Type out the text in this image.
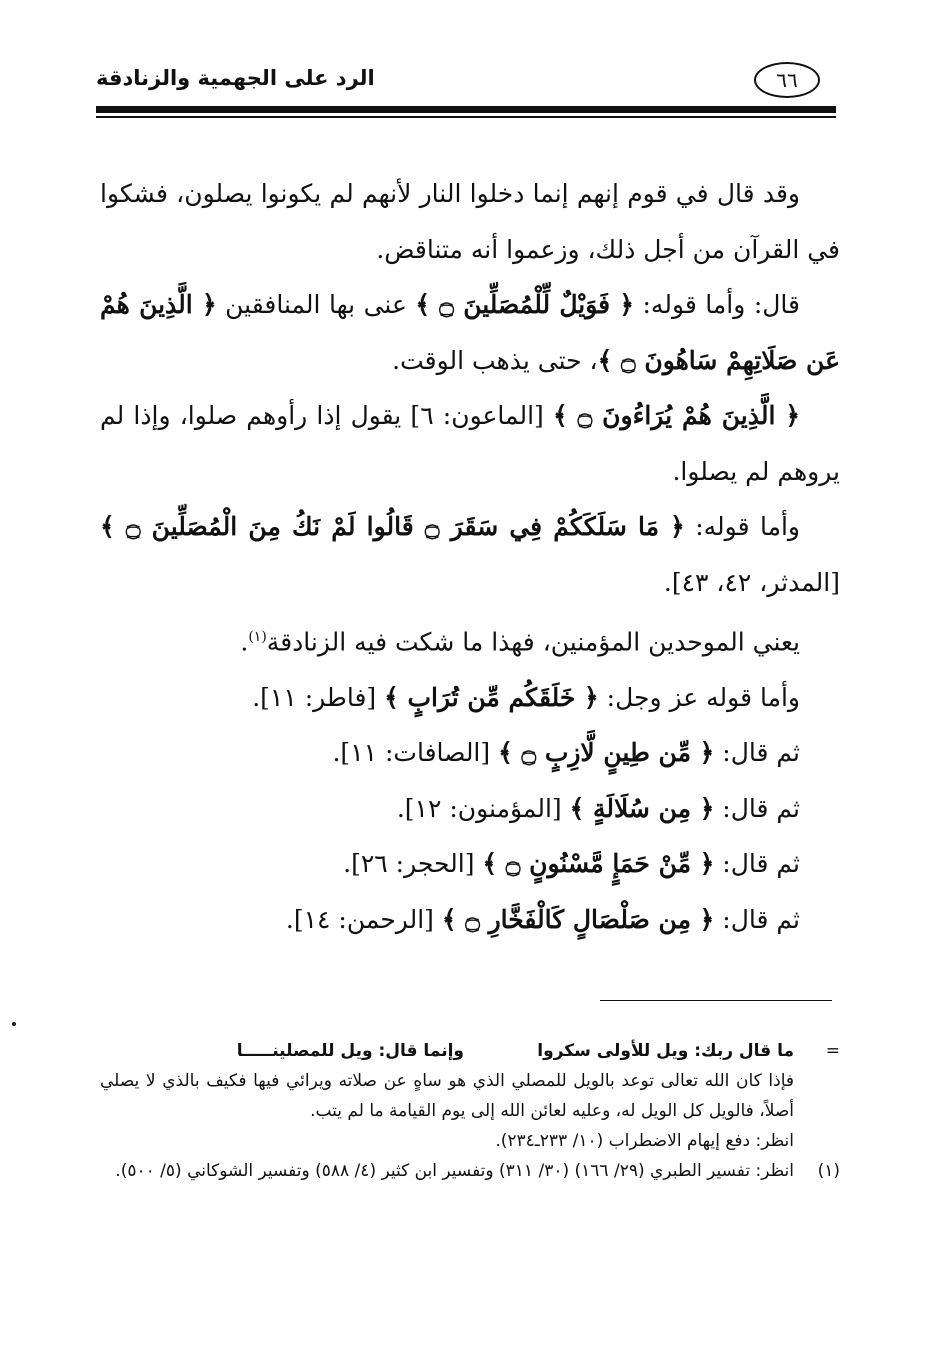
٦٦
الرد على الجهمية والزنادقة

وقد قال في قوم إنهم إنما دخلوا النار لأنهم لم يكونوا يصلون، فشكوا في القرآن من أجل ذلك، وزعموا أنه متناقض.

قال: وأما قوله: ﴿ فَوَيْلٌ لِّلْمُصَلِّينَ ۝ ﴾ عنى بها المنافقين ﴿ الَّذِينَ هُمْ عَن صَلَاتِهِمْ سَاهُونَ ۝ ﴾، حتى يذهب الوقت.

﴿ الَّذِينَ هُمْ يُرَاءُونَ ۝ ﴾ [الماعون: ٦] يقول إذا رأوهم صلوا، وإذا لم يروهم لم يصلوا.

وأما قوله: ﴿ مَا سَلَكَكُمْ فِي سَقَرَ ۝ قَالُوا لَمْ نَكُ مِنَ الْمُصَلِّينَ ۝ ﴾ [المدثر، ٤٢، ٤٣].

يعني الموحدين المؤمنين، فهذا ما شكت فيه الزنادقة$^{(١)}$.

وأما قوله عز وجل: ﴿ خَلَقَكُم مِّن تُرَابٍ ﴾ [فاطر: ١١].

ثم قال: ﴿ مِّن طِينٍ لَّازِبٍ ۝ ﴾ [الصافات: ١١].

ثم قال: ﴿ مِن سُلَالَةٍ ﴾ [المؤمنون: ١٢].

ثم قال: ﴿ مِّنْ حَمَإٍ مَّسْنُونٍ ۝ ﴾ [الحجر: ٢٦].

ثم قال: ﴿ مِن صَلْصَالٍ كَالْفَخَّارِ ۝ ﴾ [الرحمن: ١٤].

=
ما قال ربك: ويل للأولى سكروا
وإنما قال: ويل للمصلينـــــا

فإذا كان الله تعالى توعد بالويل للمصلي الذي هو ساهٍ عن صلاته ويرائي فيها فكيف بالذي لا يصلي أصلاً، فالويل كل الويل له، وعليه لعائن الله إلى يوم القيامة ما لم يتب.

انظر: دفع إيهام الاضطراب (١٠/ ٢٣٣ـ٢٣٤).

(١)

انظر: تفسير الطبري (٢٩/ ١٦٦) (٣٠/ ٣١١) وتفسير ابن كثير (٤/ ٥٨٨) وتفسير الشوكاني (٥/ ٥٠٠).
